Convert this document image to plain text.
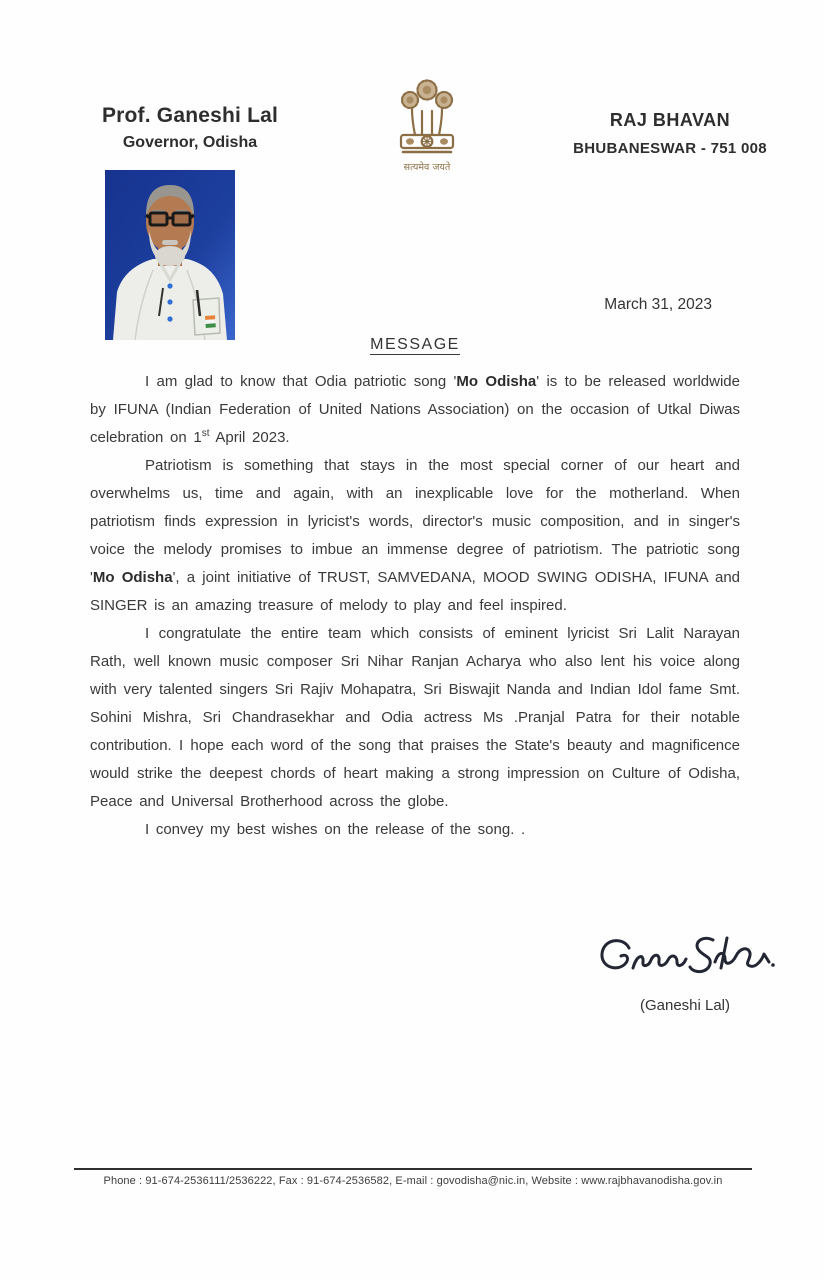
Prof. Ganeshi Lal
Governor, Odisha
सत्यमेव जयते
RAJ BHAVAN
BHUBANESWAR - 751 008
March 31, 2023
MESSAGE

I am glad to know that Odia patriotic song 'Mo Odisha' is to be released worldwide by IFUNA (Indian Federation of United Nations Association) on the occasion of Utkal Diwas celebration on 1st April 2023.

Patriotism is something that stays in the most special corner of our heart and overwhelms us, time and again, with an inexplicable love for the motherland. When patriotism finds expression in lyricist's words, director's music composition, and in singer's voice the melody promises to imbue an immense degree of patriotism. The patriotic song 'Mo Odisha', a joint initiative of TRUST, SAMVEDANA, MOOD SWING ODISHA, IFUNA and SINGER is an amazing treasure of melody to play and feel inspired.

I congratulate the entire team which consists of eminent lyricist Sri Lalit Narayan Rath, well known music composer Sri Nihar Ranjan Acharya who also lent his voice along with very talented singers Sri Rajiv Mohapatra, Sri Biswajit Nanda and Indian Idol fame Smt. Sohini Mishra, Sri Chandrasekhar and Odia actress Ms .Pranjal Patra for their notable contribution. I hope each word of the song that praises the State's beauty and magnificence would strike the deepest chords of heart making a strong impression on Culture of Odisha, Peace and Universal Brotherhood across the globe.

I convey my best wishes on the release of the song. .

(Ganeshi Lal)
Phone : 91-674-2536111/2536222, Fax : 91-674-2536582, E-mail : govodisha@nic.in, Website : www.rajbhavanodisha.gov.in
